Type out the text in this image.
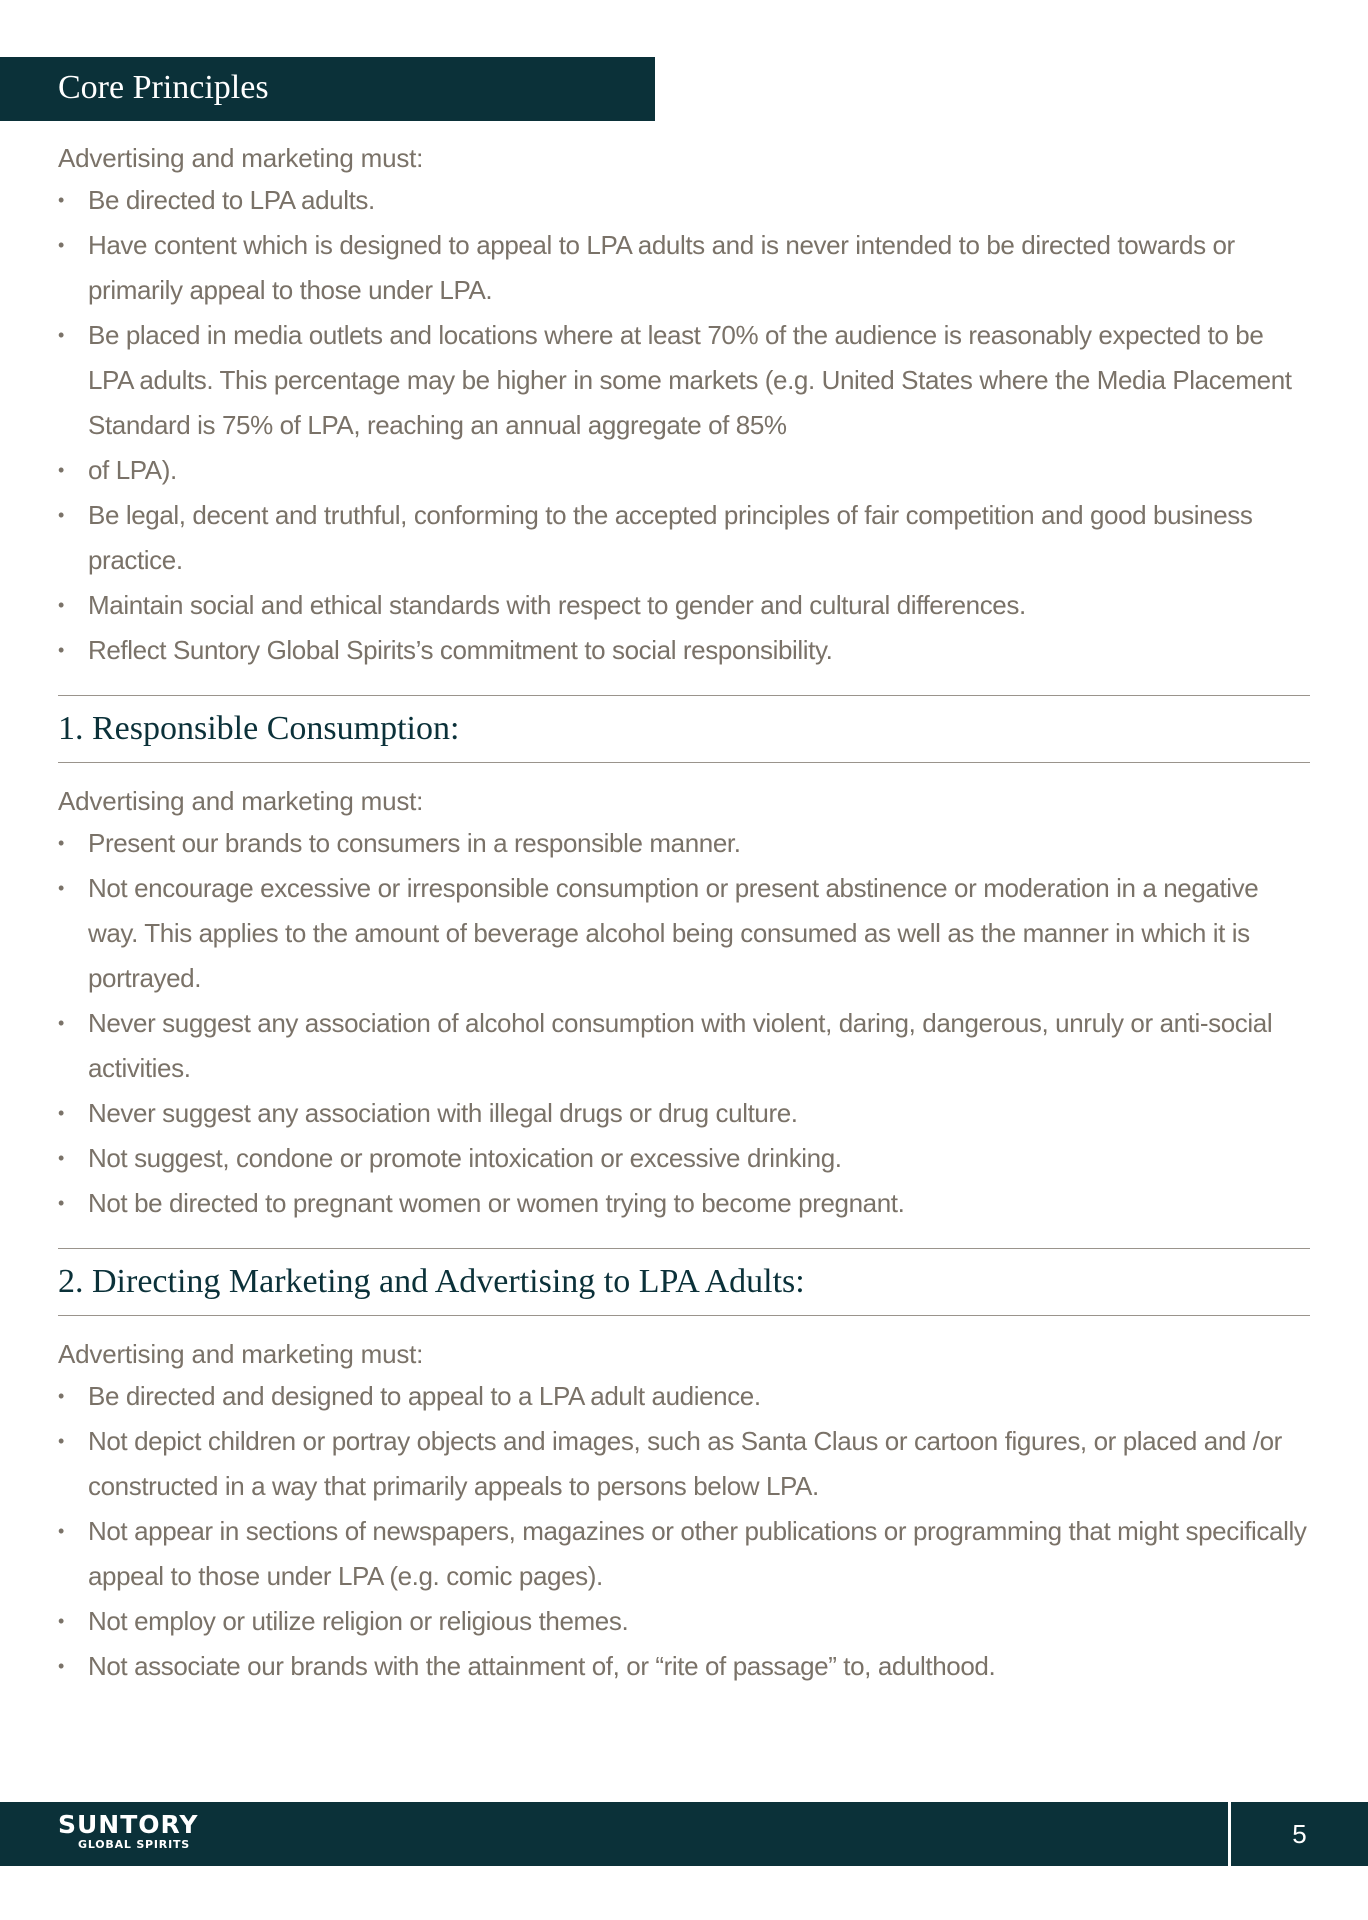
Core Principles
Advertising and marketing must:
• Be directed to LPA adults.
• Have content which is designed to appeal to LPA adults and is never intended to be directed towards or primarily appeal to those under LPA.
• Be placed in media outlets and locations where at least 70% of the audience is reasonably expected to be LPA adults. This percentage may be higher in some markets (e.g. United States where the Media Placement Standard is 75% of LPA, reaching an annual aggregate of 85%
• of LPA).
• Be legal, decent and truthful, conforming to the accepted principles of fair competition and good business practice.
• Maintain social and ethical standards with respect to gender and cultural differences.
• Reflect Suntory Global Spirits’s commitment to social responsibility.
1. Responsible Consumption:
Advertising and marketing must:
• Present our brands to consumers in a responsible manner.
• Not encourage excessive or irresponsible consumption or present abstinence or moderation in a negative way. This applies to the amount of beverage alcohol being consumed as well as the manner in which it is portrayed.
• Never suggest any association of alcohol consumption with violent, daring, dangerous, unruly or anti-social activities.
• Never suggest any association with illegal drugs or drug culture.
• Not suggest, condone or promote intoxication or excessive drinking.
• Not be directed to pregnant women or women trying to become pregnant.
2. Directing Marketing and Advertising to LPA Adults:
Advertising and marketing must:
• Be directed and designed to appeal to a LPA adult audience.
• Not depict children or portray objects and images, such as Santa Claus or cartoon figures, or placed and /or constructed in a way that primarily appeals to persons below LPA.
• Not appear in sections of newspapers, magazines or other publications or programming that might specifically appeal to those under LPA (e.g. comic pages).
• Not employ or utilize religion or religious themes.
• Not associate our brands with the attainment of, or “rite of passage” to, adulthood.
SUNTORY
GLOBAL SPIRITS	5
